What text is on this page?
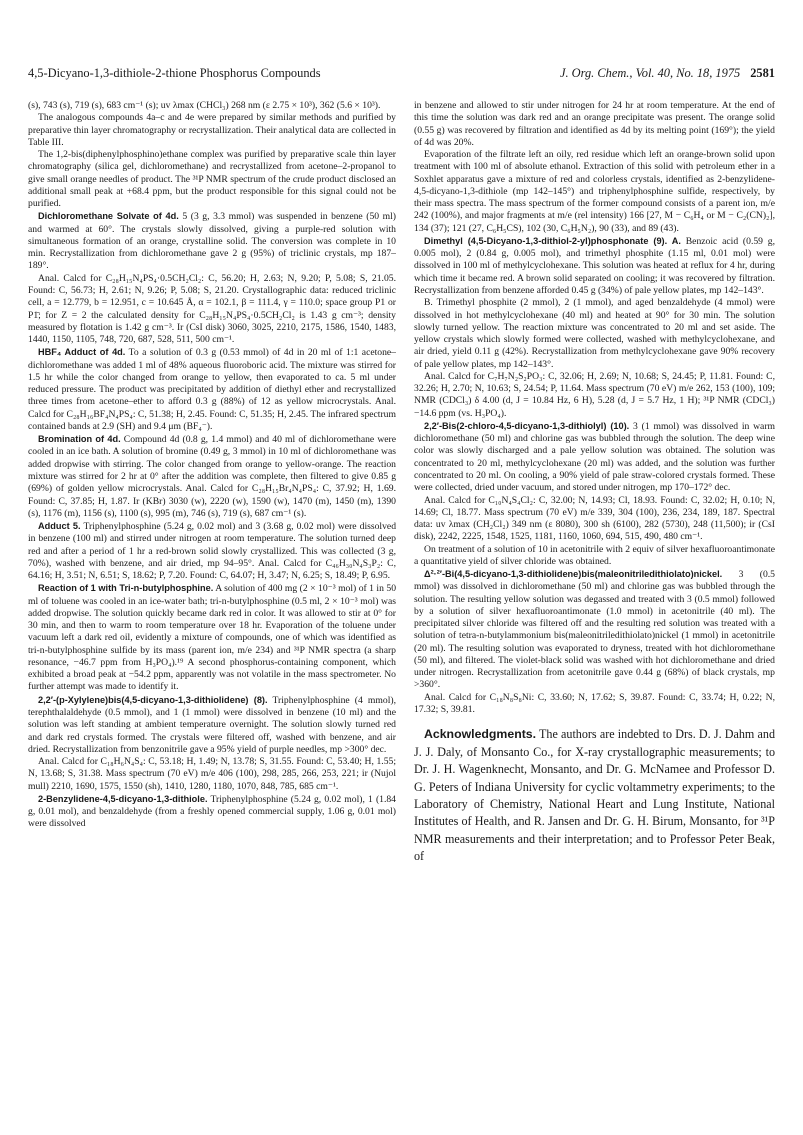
4,5-Dicyano-1,3-dithiole-2-thione Phosphorus Compounds	J. Org. Chem., Vol. 40, No. 18, 1975 2581

(s), 743 (s), 719 (s), 683 cm⁻¹ (s); uv λmax (CHCl₃) 268 nm (ε 2.75 × 10³), 362 (5.6 × 10³).

The analogous compounds 4a–c and 4e were prepared by similar methods and purified by preparative thin layer chromatography or recrystallization. Their analytical data are collected in Table III.

The 1,2-bis(diphenylphosphino)ethane complex was purified by preparative scale thin layer chromatography (silica gel, dichloromethane) and recrystallized from acetone–2-propanol to give small orange needles of product. The ³¹P NMR spectrum of the crude product disclosed an additional small peak at +68.4 ppm, but the product responsible for this signal could not be purified.

Dichloromethane Solvate of 4d. 5 (3 g, 3.3 mmol) was suspended in benzene (50 ml) and warmed at 60°. The crystals slowly dissolved, giving a purple-red solution with simultaneous formation of an orange, crystalline solid. The conversion was complete in 10 min. Recrystallization from dichloromethane gave 2 g (95%) of triclinic crystals, mp 187–189°.

Anal. Calcd for C₂₈H₁₅N₄PS₄·0.5CH₂Cl₂: C, 56.20; H, 2.63; N, 9.20; P, 5.08; S, 21.05. Found: C, 56.73; H, 2.61; N, 9.26; P, 5.08; S, 21.20. Crystallographic data: reduced triclinic cell, a = 12.779, b = 12.951, c = 10.645 Å, α = 102.1, β = 111.4, γ = 110.0; space group P1 or P1̄; for Z = 2 the calculated density for C₂₈H₁₅N₄PS₄·0.5CH₂Cl₂ is 1.43 g cm⁻³; density measured by flotation is 1.42 g cm⁻³. Ir (CsI disk) 3060, 3025, 2210, 2175, 1586, 1540, 1483, 1440, 1150, 1105, 748, 720, 687, 528, 511, 500 cm⁻¹.

HBF₄ Adduct of 4d. To a solution of 0.3 g (0.53 mmol) of 4d in 20 ml of 1:1 acetone–dichloromethane was added 1 ml of 48% aqueous fluoroboric acid. The mixture was stirred for 1.5 hr while the color changed from orange to yellow, then evaporated to ca. 5 ml under reduced pressure. The product was precipitated by addition of diethyl ether and recrystallized three times from acetone–ether to afford 0.3 g (88%) of 12 as yellow microcrystals. Anal. Calcd for C₂₈H₁₆BF₄N₄PS₄: C, 51.38; H, 2.45. Found: C, 51.35; H, 2.45. The infrared spectrum contained bands at 2.9 (SH) and 9.4 μm (BF₄⁻).

Bromination of 4d. Compound 4d (0.8 g, 1.4 mmol) and 40 ml of dichloromethane were cooled in an ice bath. A solution of bromine (0.49 g, 3 mmol) in 10 ml of dichloromethane was added dropwise with stirring. The color changed from orange to yellow-orange. The reaction mixture was stirred for 2 hr at 0° after the addition was complete, then filtered to give 0.85 g (69%) of golden yellow microcrystals. Anal. Calcd for C₂₈H₁₅Br₄N₄PS₄: C, 37.92; H, 1.69. Found: C, 37.85; H, 1.87. Ir (KBr) 3030 (w), 2220 (w), 1590 (w), 1470 (m), 1450 (m), 1390 (s), 1176 (m), 1156 (s), 1100 (s), 995 (m), 746 (s), 719 (s), 687 cm⁻¹ (s).

Adduct 5. Triphenylphosphine (5.24 g, 0.02 mol) and 3 (3.68 g, 0.02 mol) were dissolved in benzene (100 ml) and stirred under nitrogen at room temperature. The solution turned deep red and after a period of 1 hr a red-brown solid slowly crystallized. This was collected (3 g, 70%), washed with benzene, and air dried, mp 94–95°. Anal. Calcd for C₄₆H₃₀N₄S₃P₂: C, 64.16; H, 3.51; N, 6.51; S, 18.62; P, 7.20. Found: C, 64.07; H, 3.47; N, 6.25; S, 18.49; P, 6.95.

Reaction of 1 with Tri-n-butylphosphine. A solution of 400 mg (2 × 10⁻³ mol) of 1 in 50 ml of toluene was cooled in an ice-water bath; tri-n-butylphosphine (0.5 ml, 2 × 10⁻³ mol) was added dropwise. The solution quickly became dark red in color. It was allowed to stir at 0° for 30 min, and then to warm to room temperature over 18 hr. Evaporation of the toluene under vacuum left a dark red oil, evidently a mixture of compounds, one of which was identified as tri-n-butylphosphine sulfide by its mass (parent ion, m/e 234) and ³¹P NMR spectra (a sharp resonance, −46.7 ppm from H₃PO₄).¹⁹ A second phosphorus-containing component, which exhibited a broad peak at −54.2 ppm, apparently was not volatile in the mass spectrometer. No further attempt was made to identify it.

2,2′-(p-Xylylene)bis(4,5-dicyano-1,3-dithiolidene) (8). Triphenylphosphine (4 mmol), terephthalaldehyde (0.5 mmol), and 1 (1 mmol) were dissolved in benzene (10 ml) and the solution was left standing at ambient temperature overnight. The solution slowly turned red and dark red crystals formed. The crystals were filtered off, washed with benzene, and air dried. Recrystallization from benzonitrile gave a 95% yield of purple needles, mp >300° dec.

Anal. Calcd for C₁₈H₆N₄S₄: C, 53.18; H, 1.49; N, 13.78; S, 31.55. Found: C, 53.40; H, 1.55; N, 13.68; S, 31.38. Mass spectrum (70 eV) m/e 406 (100), 298, 285, 266, 253, 221; ir (Nujol mull) 2210, 1690, 1575, 1550 (sh), 1410, 1280, 1180, 1070, 848, 785, 685 cm⁻¹.

2-Benzylidene-4,5-dicyano-1,3-dithiole. Triphenylphosphine (5.24 g, 0.02 mol), 1 (1.84 g, 0.01 mol), and benzaldehyde (from a freshly opened commercial supply, 1.06 g, 0.01 mol) were dissolved

in benzene and allowed to stir under nitrogen for 24 hr at room temperature. At the end of this time the solution was dark red and an orange precipitate was present. The orange solid (0.55 g) was recovered by filtration and identified as 4d by its melting point (169°); the yield of 4d was 20%.

Evaporation of the filtrate left an oily, red residue which left an orange-brown solid upon treatment with 100 ml of absolute ethanol. Extraction of this solid with petroleum ether in a Soxhlet apparatus gave a mixture of red and colorless crystals, identified as 2-benzylidene-4,5-dicyano-1,3-dithiole (mp 142–145°) and triphenylphosphine sulfide, respectively, by their mass spectra. The mass spectrum of the former compound consists of a parent ion, m/e 242 (100%), and major fragments at m/e (rel intensity) 166 [27, M − C₆H₄ or M − C₂(CN)₂], 134 (37); 121 (27, C₆H₅CS), 102 (30, C₆H₅N₂), 90 (33), and 89 (43).

Dimethyl (4,5-Dicyano-1,3-dithiol-2-yl)phosphonate (9). A. Benzoic acid (0.59 g, 0.005 mol), 2 (0.84 g, 0.005 mol), and trimethyl phosphite (1.15 ml, 0.01 mol) were dissolved in 100 ml of methylcyclohexane. This solution was heated at reflux for 4 hr, during which time it became red. A brown solid separated on cooling; it was recovered by filtration. Recrystallization from benzene afforded 0.45 g (34%) of pale yellow plates, mp 142–143°.

B. Trimethyl phosphite (2 mmol), 2 (1 mmol), and aged benzaldehyde (4 mmol) were dissolved in hot methylcyclohexane (40 ml) and heated at 90° for 30 min. The solution slowly turned yellow. The reaction mixture was concentrated to 20 ml and set aside. The yellow crystals which slowly formed were collected, washed with methylcyclohexane, and air dried, yield 0.11 g (42%). Recrystallization from methylcyclohexane gave 90% recovery of pale yellow plates, mp 142–143°.

Anal. Calcd for C₇H₇N₂S₂PO₃: C, 32.06; H, 2.69; N, 10.68; S, 24.45; P, 11.81. Found: C, 32.26; H, 2.70; N, 10.63; S, 24.54; P, 11.64. Mass spectrum (70 eV) m/e 262, 153 (100), 109; NMR (CDCl₃) δ 4.00 (d, J = 10.84 Hz, 6 H), 5.28 (d, J = 5.7 Hz, 1 H); ³¹P NMR (CDCl₃) −14.6 ppm (vs. H₃PO₄).

2,2′-Bis(2-chloro-4,5-dicyano-1,3-dithiolyl) (10). 3 (1 mmol) was dissolved in warm dichloromethane (50 ml) and chlorine gas was bubbled through the solution. The deep wine color was slowly discharged and a pale yellow solution was obtained. The solution was concentrated to 20 ml, methylcyclohexane (20 ml) was added, and the solution was further concentrated to 20 ml. On cooling, a 90% yield of pale straw-colored crystals formed. These were collected, dried under vacuum, and stored under nitrogen, mp 170–172° dec.

Anal. Calcd for C₁₀N₄S₄Cl₂: C, 32.00; N, 14.93; Cl, 18.93. Found: C, 32.02; H, 0.10; N, 14.69; Cl, 18.77. Mass spectrum (70 eV) m/e 339, 304 (100), 236, 234, 189, 187. Spectral data: uv λmax (CH₂Cl₂) 349 nm (ε 8080), 300 sh (6100), 282 (5730), 248 (11,500); ir (CsI disk), 2242, 2225, 1548, 1525, 1181, 1160, 1060, 694, 515, 490, 480 cm⁻¹.

On treatment of a solution of 10 in acetonitrile with 2 equiv of silver hexafluoroantimonate a quantitative yield of silver chloride was obtained.

Δ²·²′-Bi(4,5-dicyano-1,3-dithiolidene)bis(maleonitriledithiolato)nickel. 3 (0.5 mmol) was dissolved in dichloromethane (50 ml) and chlorine gas was bubbled through the solution. The resulting yellow solution was degassed and treated with 3 (0.5 mmol) followed by a solution of silver hexafluoroantimonate (1.0 mmol) in acetonitrile (40 ml). The precipitated silver chloride was filtered off and the resulting red solution was treated with a solution of tetra-n-butylammonium bis(maleonitriledithiolato)nickel (1 mmol) in acetonitrile (20 ml). The resulting solution was evaporated to dryness, treated with hot dichloromethane (50 ml), and filtered. The violet-black solid was washed with hot dichloromethane and dried under nitrogen. Recrystallization from acetonitrile gave 0.44 g (68%) of black crystals, mp >360°.

Anal. Calcd for C₁₈N₈S₈Ni: C, 33.60; N, 17.62; S, 39.87. Found: C, 33.74; H, 0.22; N, 17.32; S, 39.81.

Acknowledgments. The authors are indebted to Drs. D. J. Dahm and J. J. Daly, of Monsanto Co., for X-ray crystallographic measurements; to Dr. J. H. Wagenknecht, Monsanto, and Dr. G. McNamee and Professor D. G. Peters of Indiana University for cyclic voltammetry experiments; to the Laboratory of Chemistry, National Heart and Lung Institute, National Institutes of Health, and R. Jansen and Dr. G. H. Birum, Monsanto, for ³¹P NMR measurements and their interpretation; and to Professor Peter Beak, of
